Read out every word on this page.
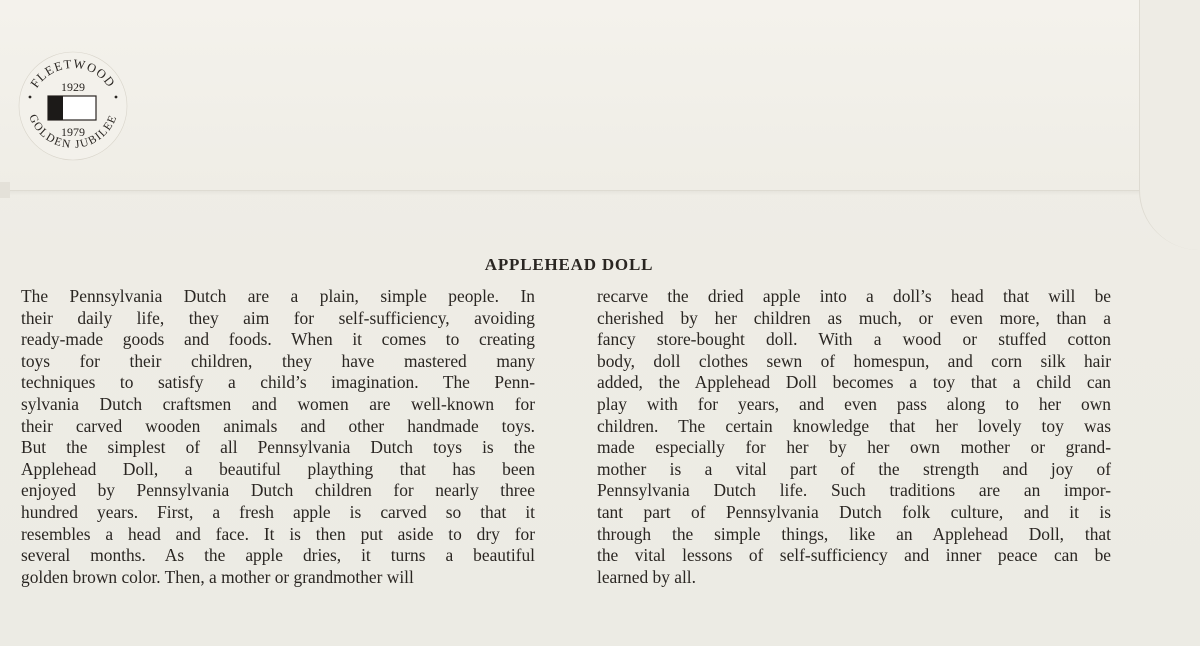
FLEETWOOD
GOLDEN JUBILEE
1929
1979
APPLEHEAD DOLL
The Pennsylvania Dutch are a plain, simple people. In
their daily life, they aim for self-sufficiency, avoiding
ready-made goods and foods. When it comes to creating
toys for their children, they have mastered many
techniques to satisfy a child’s imagination. The Penn-
sylvania Dutch craftsmen and women are well-known for
their carved wooden animals and other handmade toys.
But the simplest of all Pennsylvania Dutch toys is the
Applehead Doll, a beautiful plaything that has been
enjoyed by Pennsylvania Dutch children for nearly three
hundred years. First, a fresh apple is carved so that it
resembles a head and face. It is then put aside to dry for
several months. As the apple dries, it turns a beautiful
golden brown color. Then, a mother or grandmother will
recarve the dried apple into a doll’s head that will be
cherished by her children as much, or even more, than a
fancy store-bought doll. With a wood or stuffed cotton
body, doll clothes sewn of homespun, and corn silk hair
added, the Applehead Doll becomes a toy that a child can
play with for years, and even pass along to her own
children. The certain knowledge that her lovely toy was
made especially for her by her own mother or grand-
mother is a vital part of the strength and joy of
Pennsylvania Dutch life. Such traditions are an impor-
tant part of Pennsylvania Dutch folk culture, and it is
through the simple things, like an Applehead Doll, that
the vital lessons of self-sufficiency and inner peace can be
learned by all.
